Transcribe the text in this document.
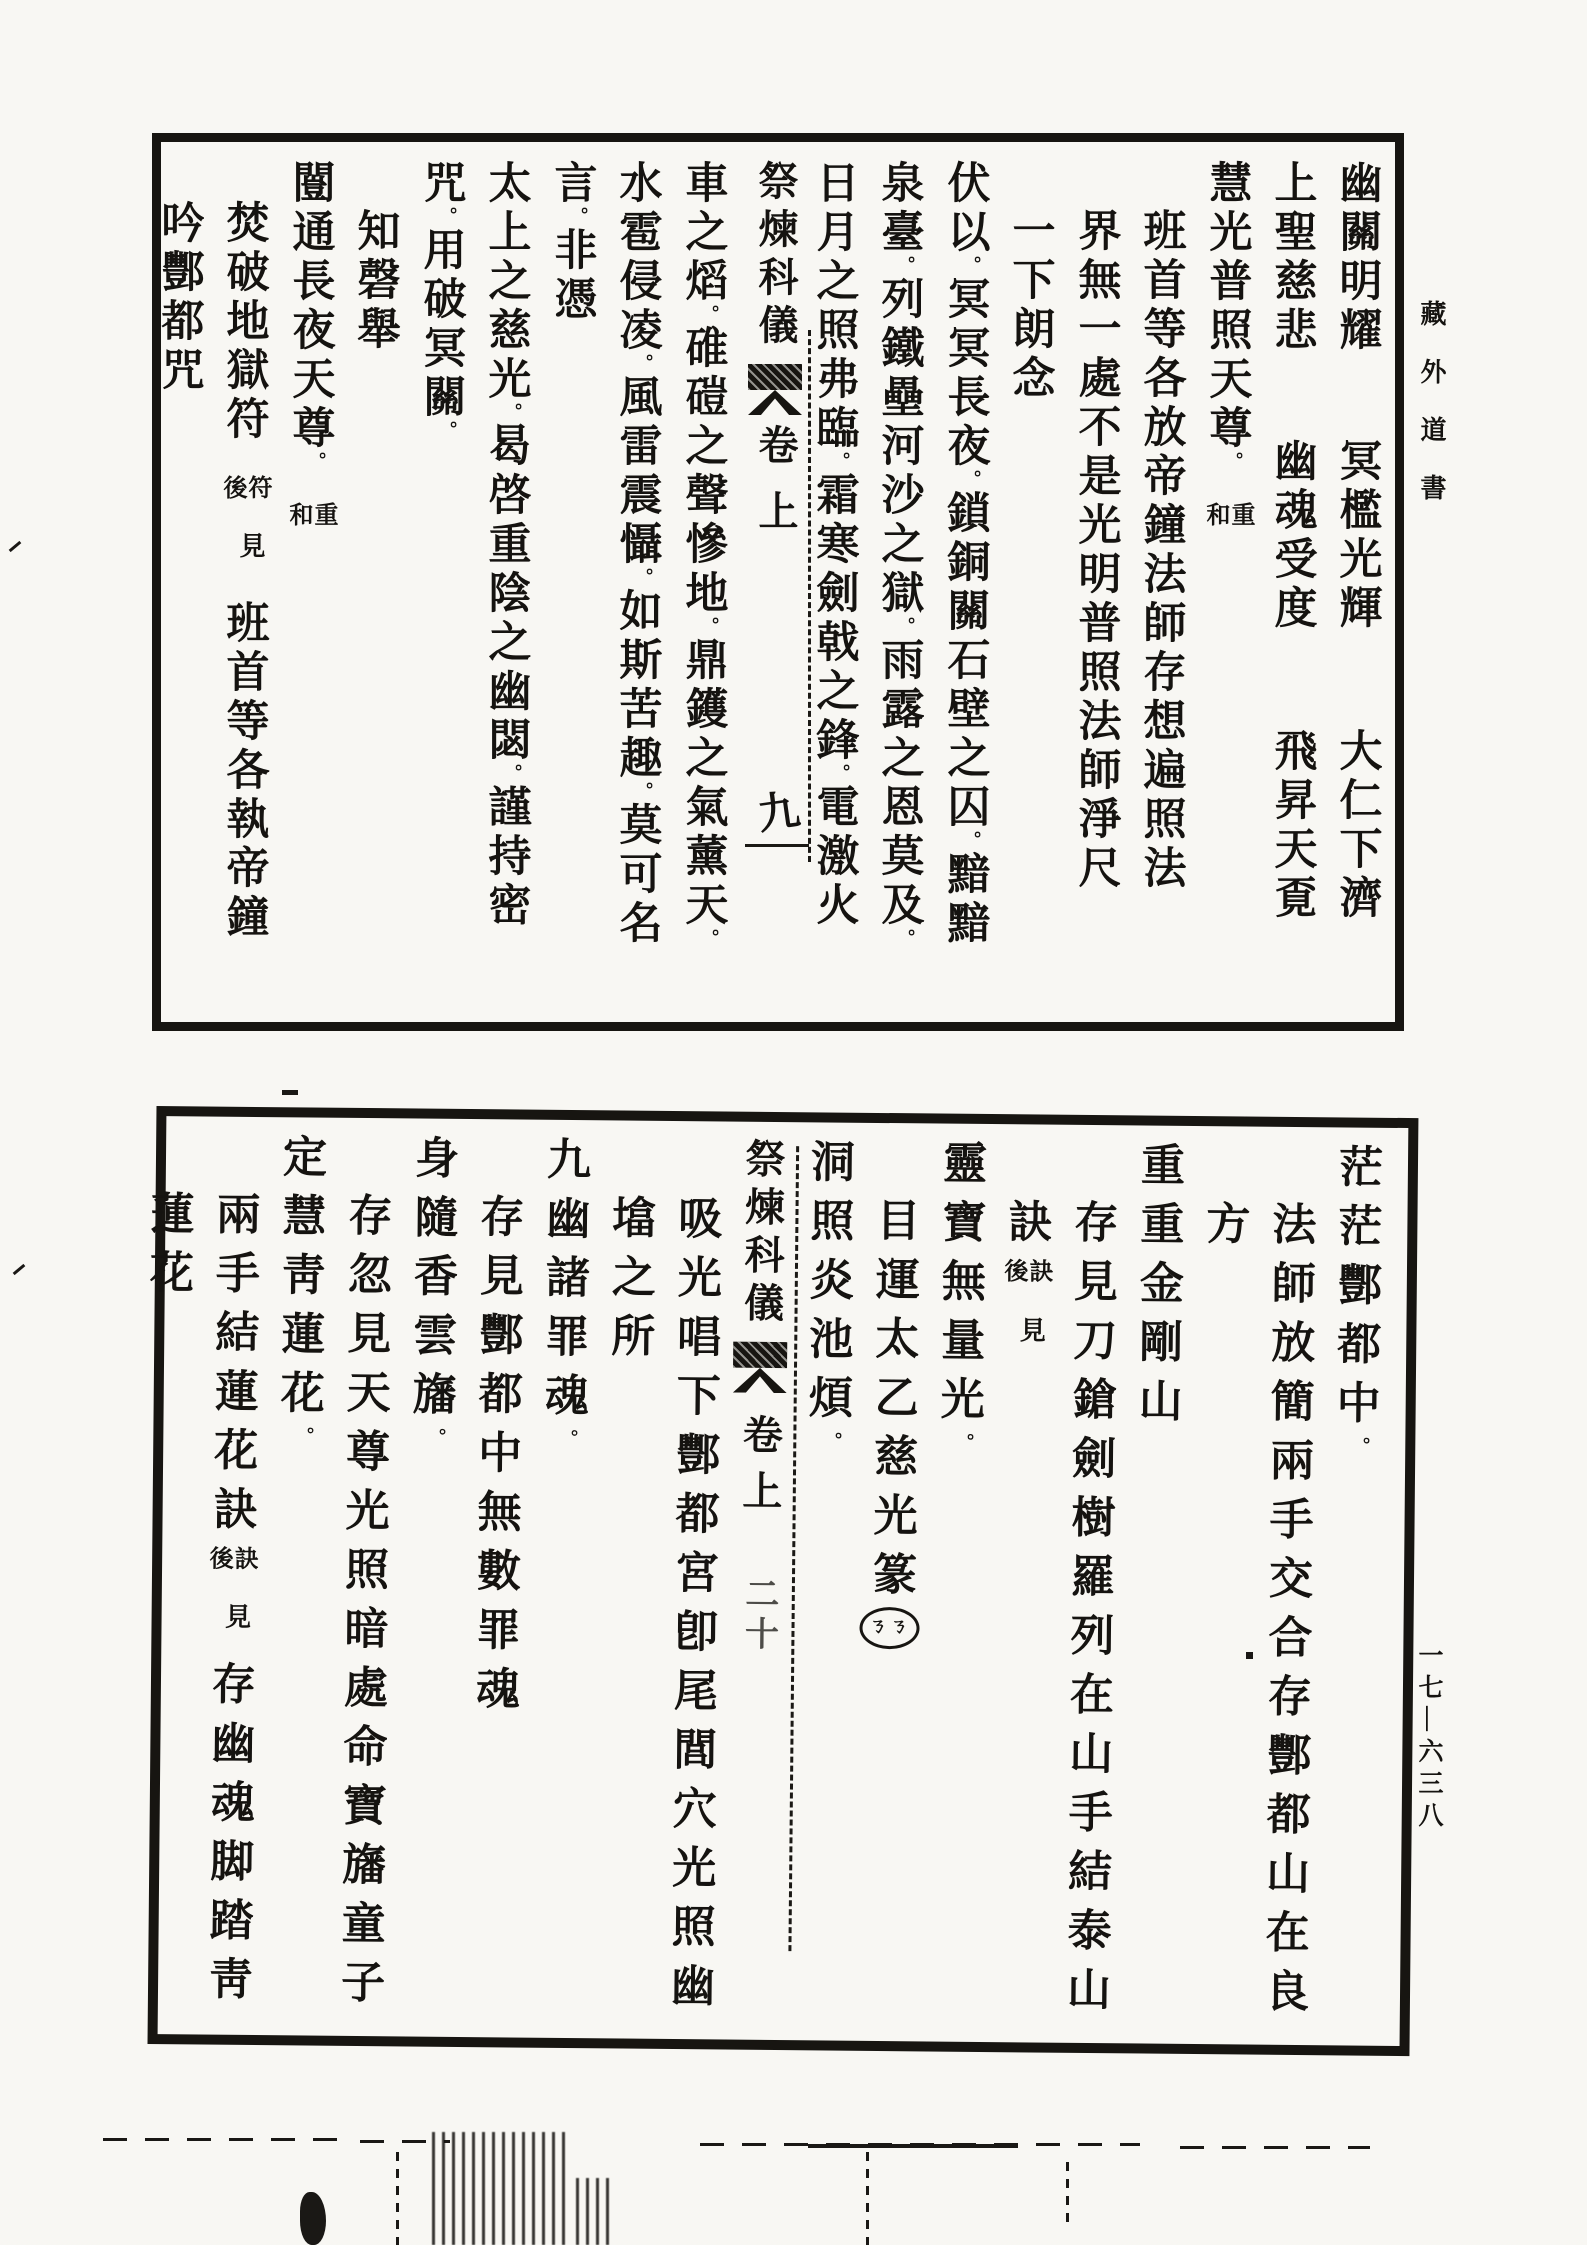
藏外道書
一七—六三八
幽關明耀
冥檻光輝
大仁下濟
上聖慈悲
幽魂受度
飛昇天覔
慧光普照天尊。
重
和
班首等各放帝鐘法師存想遍照法
界無一處不是光明普照法師淨尺
一下朗念
伏以。冥冥長夜。鎖銅關石壁之囚。黯黯
泉臺。列鐵壘河沙之獄。雨露之恩莫及。
日月之照弗臨。霜寒劍戟之鋒。電激火
祭煉科儀
卷
上
九
車之熖。碓磑之聲慘地。鼎鑊之氣薰天。
水雹侵凌。風雷震懾。如斯苦趣。莫可名
言。非憑
太上之慈光。曷啓重陰之幽閟。謹持密
咒。用破冥關。
知磬舉
闓通長夜天尊。
重
和
焚破地獄符
符
後
見
班首等各執帝鐘
吟酆都咒
茫茫酆都中。
法師放簡兩手交合存酆都山在良
方
重重金剛山
存見刀鎗劍樹羅列在山手結泰山
訣
訣
後
見
靈寶無量光。
目運太乙慈光篆
ㄋㄋ
洞照炎池煩。
祭煉科儀
卷
上
二十
吸光唱下酆都宮卽尾閭穴光照幽
墖之所
九幽諸罪魂。
存見酆都中無數罪魂
身隨香雲旛。
存忽見天尊光照暗處命寶旛童子
定慧靑蓮花。
兩手結蓮花訣
訣
後
見
存幽魂脚踏靑
蓮花
